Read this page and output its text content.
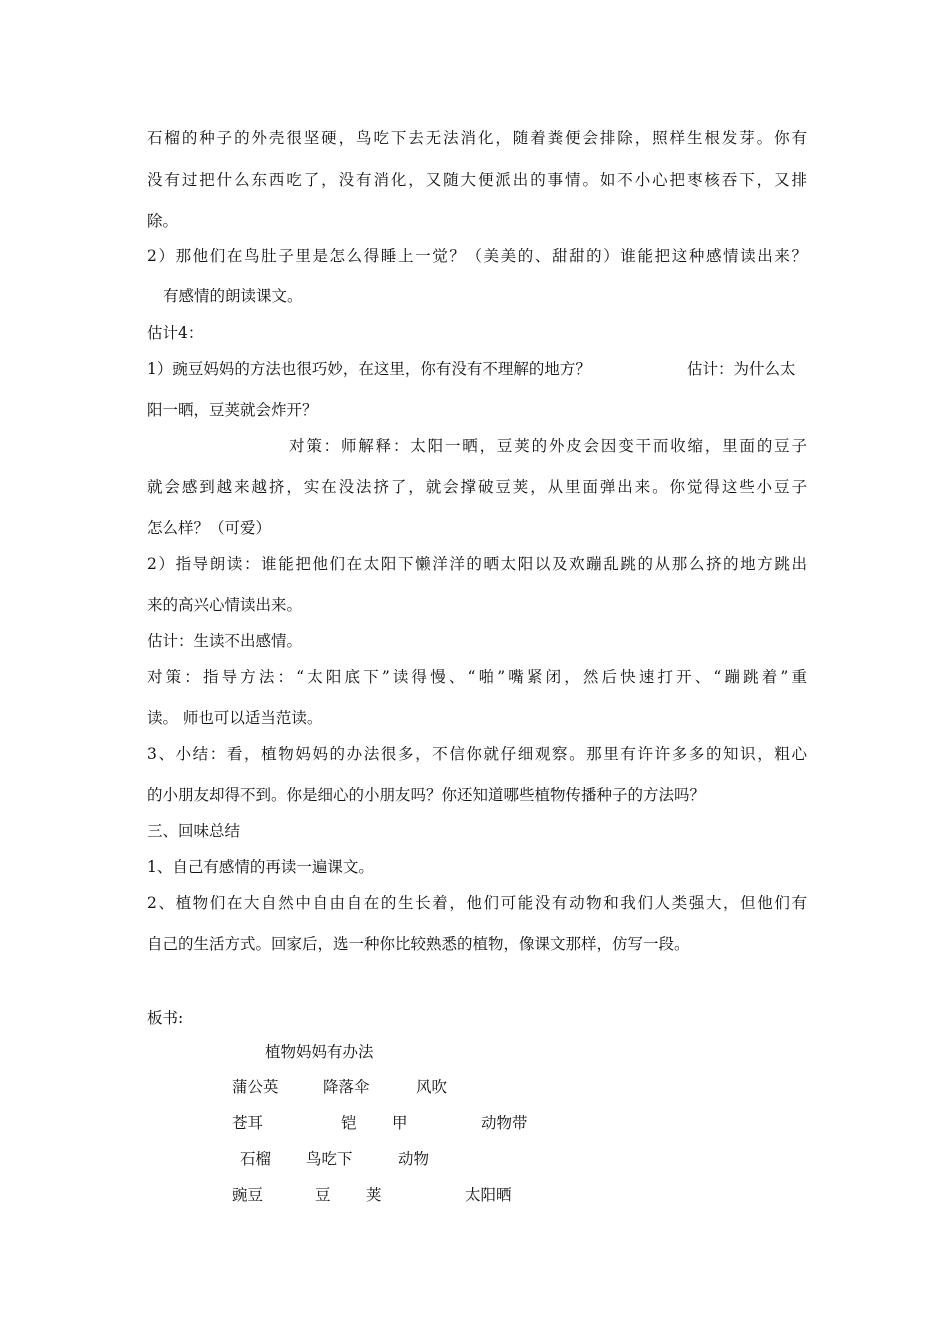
石榴的种子的外壳很坚硬，鸟吃下去无法消化，随着粪便会排除，照样生根发芽。你有
没有过把什么东西吃了，没有消化，又随大便派出的事情。如不小心把枣核吞下，又排
除。
2）那他们在鸟肚子里是怎么得睡上一觉？（美美的、甜甜的）谁能把这种感情读出来？
有感情的朗读课文。
估计4：
1）豌豆妈妈的方法也很巧妙，在这里，你有没有不理解的地方？	估计：为什么太
阳一晒，豆荚就会炸开？
对策：师解释：太阳一晒，豆荚的外皮会因变干而收缩，里面的豆子
就会感到越来越挤，实在没法挤了，就会撑破豆荚，从里面弹出来。你觉得这些小豆子
怎么样？（可爱）
2）指导朗读：谁能把他们在太阳下懒洋洋的晒太阳以及欢蹦乱跳的从那么挤的地方跳出
来的高兴心情读出来。
估计：生读不出感情。
对策：指导方法：“太阳底下”读得慢、“啪”嘴紧闭，然后快速打开、“蹦跳着”重
读。 师也可以适当范读。
3、小结：看，植物妈妈的办法很多，不信你就仔细观察。那里有许许多多的知识，粗心
的小朋友却得不到。你是细心的小朋友吗？你还知道哪些植物传播种子的方法吗？
三、回味总结
1、自己有感情的再读一遍课文。
2、植物们在大自然中自由自在的生长着，他们可能没有动物和我们人类强大，但他们有
自己的生活方式。回家后，选一种你比较熟悉的植物，像课文那样，仿写一段。
板书:
植物妈妈有办法
蒲公英	降落伞	风吹
苍耳	铠 甲	动物带
石榴 鸟吃下	动物
豌豆	豆 荚	太阳晒
